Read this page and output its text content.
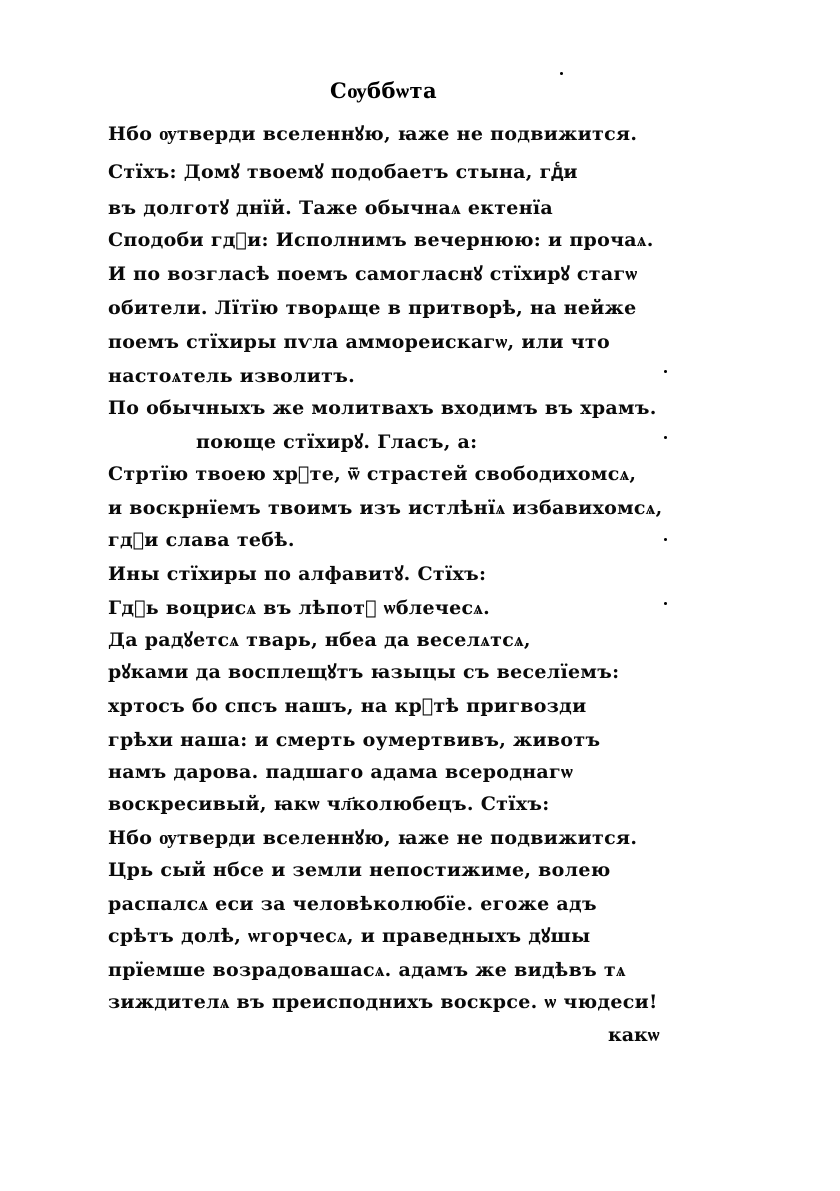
Сѹббѡта
Нбо ѹтверди вселеннꙋю, ꙗже не подвижится.
Стїхъ: Домꙋ твоемꙋ подобаетъ стына, гдⷭи
въ долготꙋ днїй. Таже обычнаѧ ектенїа
Сподоби гдⷭи: Исполнимъ вечернюю: и прочаѧ.
И по возгласѣ поемъ самогласнꙋ стїхирꙋ стагѡ
обители. Лїтїю творѧще в притворѣ, на нейже
поемъ стїхиры пѵла аммореискагѡ, или что
настоѧтель изволитъ.
По обычныхъ же молитвахъ входимъ въ храмъ.
поюще стїхирꙋ. Гласъ, а:
Стртїю твоею хрⷭте, ѿ страстей свободихомсѧ,
и воскрнїемъ твоимъ изъ истлѣнїѧ избавихомсѧ,
гдⷭи слава тебѣ.
Ины стїхиры по алфавитꙋ. Стїхъ:
Гдⷭь воцрисѧ въ лѣпотꙋ ѡблечесѧ.
Да радꙋетсѧ тварь, нбеа да веселѧтсѧ,
рꙋками да восплещꙋтъ ꙗзыцы съ веселїемъ:
хртосъ бо спсъ нашъ, на крⷭтѣ пригвозди
грѣхи наша: и смерть оумертвивъ, животъ
намъ дарова. падшаго адама всероднагѡ
воскресивый, ꙗкѡ чл҃колюбецъ. Стїхъ:
Нбо ѹтверди вселеннꙋю, ꙗже не подвижится.
Црь сый нбсе и земли непостижиме, волею
распалсѧ еси за человѣколюбїе. егоже адъ
срѣтъ долѣ, ѡгорчесѧ, и праведныхъ дꙋшы
прїемше возрадовашасѧ. адамъ же видѣвъ тѧ
зиждителѧ въ преисподнихъ воскрсе. ѡ чюдеси!
какѡ
